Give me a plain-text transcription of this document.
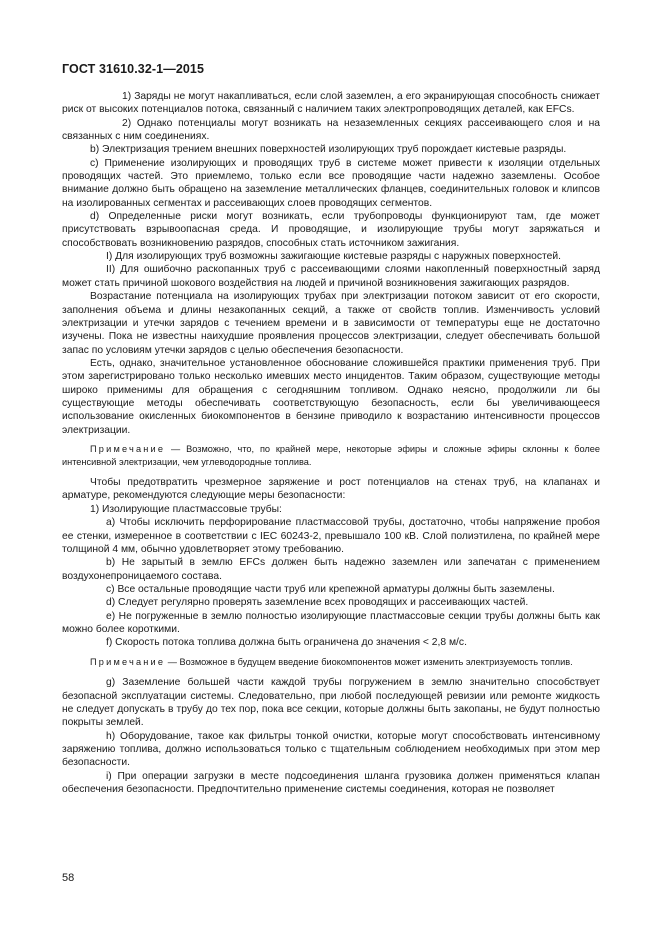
ГОСТ 31610.32-1—2015

1) Заряды не могут накапливаться, если слой заземлен, а его экранирующая способность снижает риск от высоких потенциалов потока, связанный с наличием таких электропроводящих деталей, как EFCs.

2) Однако потенциалы могут возникать на незаземленных секциях рассеивающего слоя и на связанных с ним соединениях.

b) Электризация трением внешних поверхностей изолирующих труб порождает кистевые разряды.

c) Применение изолирующих и проводящих труб в системе может привести к изоляции отдельных проводящих частей. Это приемлемо, только если все проводящие части надежно заземлены. Особое внимание должно быть обращено на заземление металлических фланцев, соединительных головок и клипсов на изолированных сегментах и рассеивающих слоев проводящих сегментов.

d) Определенные риски могут возникать, если трубопроводы функционируют там, где может присутствовать взрывоопасная среда. И проводящие, и изолирующие трубы могут заряжаться и способствовать возникновению разрядов, способных стать источником зажигания.

I) Для изолирующих труб возможны зажигающие кистевые разряды с наружных поверхностей.

II) Для ошибочно раскопанных труб с рассеивающими слоями накопленный поверхностный заряд может стать причиной шокового воздействия на людей и причиной возникновения зажигающих разрядов.

Возрастание потенциала на изолирующих трубах при электризации потоком зависит от его скорости, заполнения объема и длины незакопанных секций, а также от свойств топлив. Изменчивость условий электризации и утечки зарядов с течением времени и в зависимости от температуры еще не достаточно изучены. Пока не известны наихудшие проявления процессов электризации, следует обеспечивать большой запас по условиям утечки зарядов с целью обеспечения безопасности.

Есть, однако, значительное установленное обоснование сложившейся практики применения труб. При этом зарегистрировано только несколько имевших место инцидентов. Таким образом, существующие методы широко применимы для обращения с сегодняшним топливом. Однако неясно, продолжили ли бы существующие методы обеспечивать соответствующую безопасность, если бы увеличивающееся использование окисленных биокомпонентов в бензине приводило к возрастанию интенсивности процессов электризации.

Примечание — Возможно, что, по крайней мере, некоторые эфиры и сложные эфиры склонны к более интенсивной электризации, чем углеводородные топлива.

Чтобы предотвратить чрезмерное заряжение и рост потенциалов на стенах труб, на клапанах и арматуре, рекомендуются следующие меры безопасности:

1) Изолирующие пластмассовые трубы:

a) Чтобы исключить перфорирование пластмассовой трубы, достаточно, чтобы напряжение пробоя ее стенки, измеренное в соответствии с IEC 60243-2, превышало 100 кВ. Слой полиэтилена, по крайней мере толщиной 4 мм, обычно удовлетворяет этому требованию.

b) Не зарытый в землю EFCs должен быть надежно заземлен или запечатан с применением воздухонепроницаемого состава.

c) Все остальные проводящие части труб или крепежной арматуры должны быть заземлены.

d) Следует регулярно проверять заземление всех проводящих и рассеивающих частей.

e) Не погруженные в землю полностью изолирующие пластмассовые секции трубы должны быть как можно более короткими.

f) Скорость потока топлива должна быть ограничена до значения < 2,8 м/с.

Примечание — Возможное в будущем введение биокомпонентов может изменить электризуемость топлив.

g) Заземление большей части каждой трубы погружением в землю значительно способствует безопасной эксплуатации системы. Следовательно, при любой последующей ревизии или ремонте жидкость не следует допускать в трубу до тех пор, пока все секции, которые должны быть закопаны, не будут полностью покрыты землей.

h) Оборудование, такое как фильтры тонкой очистки, которые могут способствовать интенсивному заряжению топлива, должно использоваться только с тщательным соблюдением необходимых при этом мер безопасности.

i) При операции загрузки в месте подсоединения шланга грузовика должен применяться клапан обеспечения безопасности. Предпочтительно применение системы соединения, которая не позволяет

58
